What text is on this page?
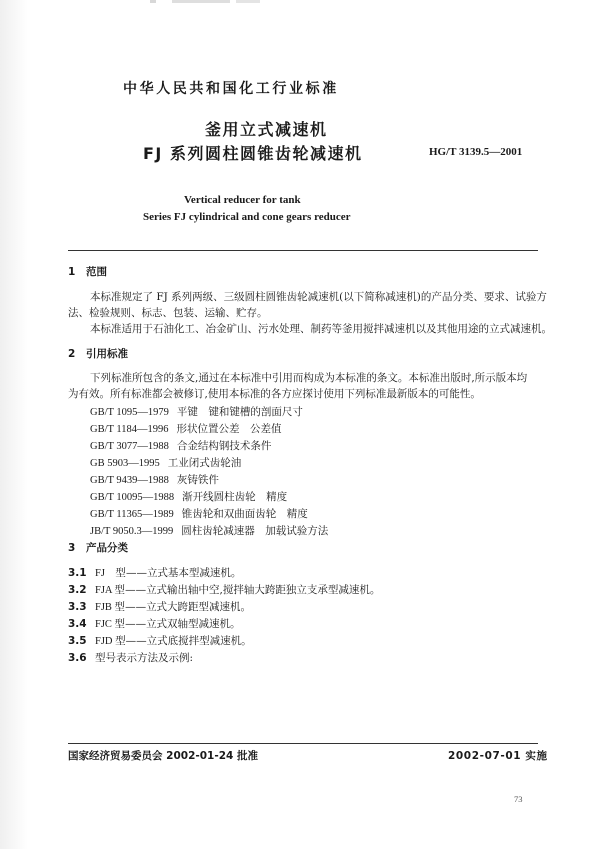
中华人民共和国化工行业标准
釜用立式减速机
FJ 系列圆柱圆锥齿轮减速机	HG/T 3139.5—2001
Vertical reducer for tank
Series FJ cylindrical and cone gears reducer
1 范围
本标准规定了 FJ 系列两级、三级圆柱圆锥齿轮减速机(以下简称减速机)的产品分类、要求、试验方
法、检验规则、标志、包装、运输、贮存。
本标准适用于石油化工、冶金矿山、污水处理、制药等釜用搅拌减速机以及其他用途的立式减速机。
2 引用标准
下列标准所包含的条文,通过在本标准中引用而构成为本标准的条文。本标准出版时,所示版本均
为有效。所有标准都会被修订,使用本标准的各方应探讨使用下列标准最新版本的可能性。
GB/T 1095—1979 平键　键和键槽的剖面尺寸
GB/T 1184—1996 形状位置公差　公差值
GB/T 3077—1988 合金结构钢技术条件
GB 5903—1995 工业闭式齿轮油
GB/T 9439—1988 灰铸铁件
GB/T 10095—1988 渐开线圆柱齿轮　精度
GB/T 11365—1989 锥齿轮和双曲面齿轮　精度
JB/T 9050.3—1999 圆柱齿轮减速器　加载试验方法
3 产品分类
3.1 FJ　型——立式基本型减速机。
3.2 FJA 型——立式输出轴中空,搅拌轴大跨距独立支承型减速机。
3.3 FJB 型——立式大跨距型减速机。
3.4 FJC 型——立式双轴型减速机。
3.5 FJD 型——立式底搅拌型减速机。
3.6 型号表示方法及示例:
国家经济贸易委员会 2002-01-24 批准	2002-07-01 实施
73
